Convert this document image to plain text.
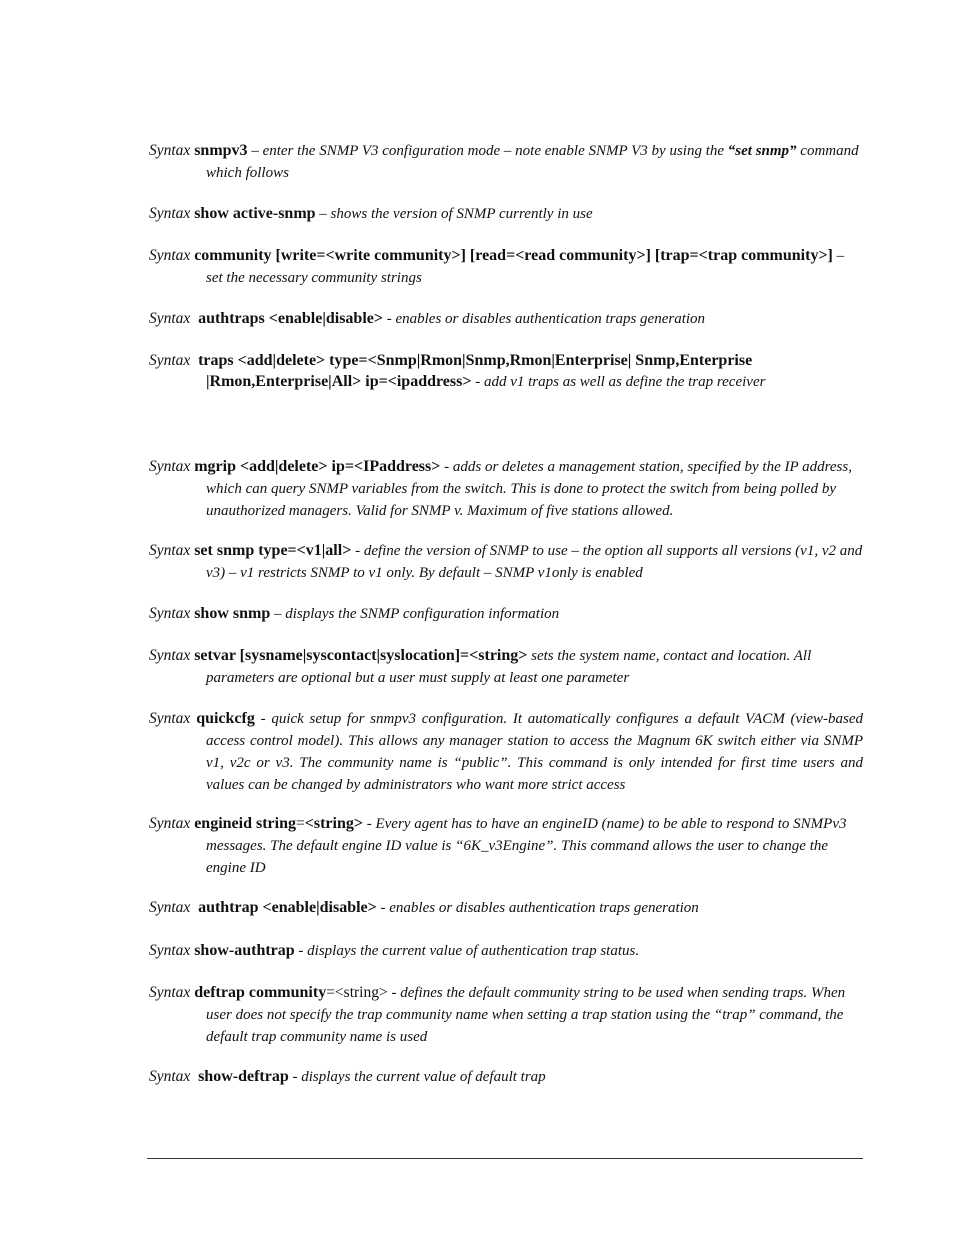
Syntax snmpv3 – enter the SNMP V3 configuration mode – note enable SNMP V3 by using the “set snmp” command which follows

Syntax show active-snmp – shows the version of SNMP currently in use

Syntax community [write=<write community>] [read=<read community>] [trap=<trap community>] – set the necessary community strings

Syntax authtraps <enable|disable> - enables or disables authentication traps generation

Syntax traps <add|delete> type=<Snmp|Rmon|Snmp,Rmon|Enterprise| Snmp,Enterprise |Rmon,Enterprise|All> ip=<ipaddress> - add v1 traps as well as define the trap receiver

Syntax mgrip <add|delete> ip=<IPaddress> - adds or deletes a management station, specified by the IP address, which can query SNMP variables from the switch. This is done to protect the switch from being polled by unauthorized managers. Valid for SNMP v. Maximum of five stations allowed.

Syntax set snmp type=<v1|all> - define the version of SNMP to use – the option all supports all versions (v1, v2 and v3) – v1 restricts SNMP to v1 only. By default – SNMP v1only is enabled

Syntax show snmp – displays the SNMP configuration information

Syntax setvar [sysname|syscontact|syslocation]=<string> sets the system name, contact and location. All parameters are optional but a user must supply at least one parameter

Syntax quickcfg - quick setup for snmpv3 configuration. It automatically configures a default VACM (view-based access control model). This allows any manager station to access the Magnum 6K switch either via SNMP v1, v2c or v3. The community name is “public”. This command is only intended for first time users and values can be changed by administrators who want more strict access

Syntax engineid string=<string> - Every agent has to have an engineID (name) to be able to respond to SNMPv3 messages. The default engine ID value is “6K_v3Engine”. This command allows the user to change the engine ID

Syntax authtrap <enable|disable> - enables or disables authentication traps generation

Syntax show-authtrap - displays the current value of authentication trap status.

Syntax deftrap community=<string> - defines the default community string to be used when sending traps. When user does not specify the trap community name when setting a trap station using the “trap” command, the default trap community name is used

Syntax show-deftrap - displays the current value of default trap
